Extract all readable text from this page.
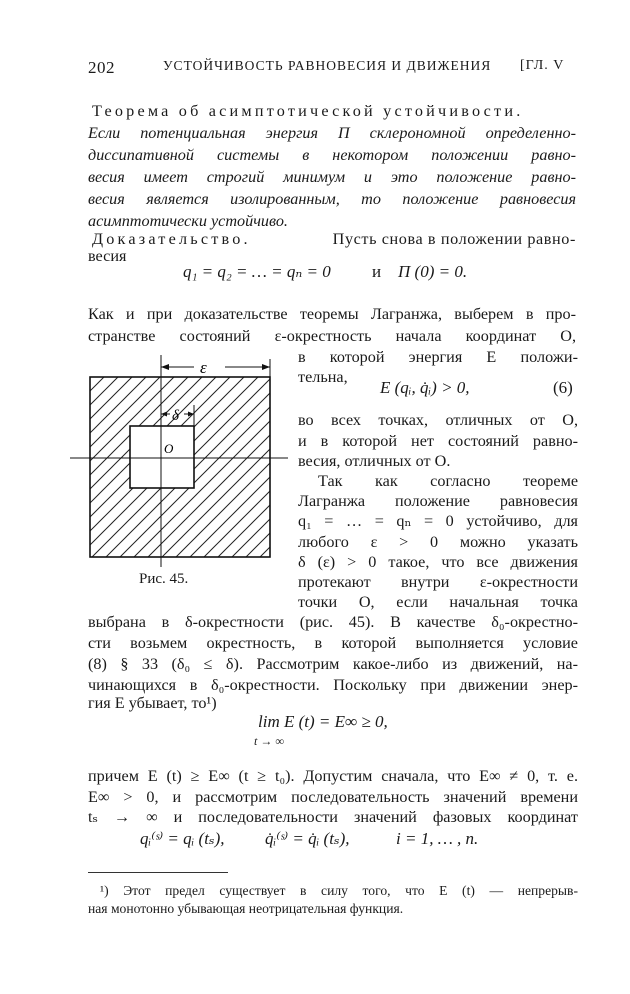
202	УСТОЙЧИВОСТЬ РАВНОВЕСИЯ И ДВИЖЕНИЯ [ГЛ. V
Теорема об асимптотической устойчивости.
Если потенциальная энергия П склерономной определенно-
диссипативной системы в некотором положении равно-
весия имеет строгий минимум и это положение равно-
весия является изолированным, то положение равновесия
асимптотически устойчиво.
Доказательство.	Пусть снова в положении равно-
весия
q₁ = q₂ = … = qₙ = 0 и П (0) = 0.
Как и при доказательстве теоремы Лагранжа, выберем в про-
странстве состояний ε-окрестность начала координат O,
в которой энергия E положи-
тельна,
E (qᵢ, q̇ᵢ) > 0,	(6)
во всех точках, отличных от O,
и в которой нет состояний равно-
весия, отличных от O.
Так как согласно теореме
Лагранжа положение равновесия
q₁ = … = qₙ = 0 устойчиво, для
любого ε > 0 можно указать
δ (ε) > 0 такое, что все движения
протекают внутри ε-окрестности
точки O, если начальная точка
ε
δ
O
Рис. 45.
выбрана в δ-окрестности (рис. 45). В качестве δ₀-окрестно-
сти возьмем окрестность, в которой выполняется условие
(8) § 33 (δ₀ ≤ δ). Рассмотрим какое-либо из движений, на-
чинающихся в δ₀-окрестности. Поскольку при движении энер-
гия E убывает, то¹)
lim E (t) = E∞ ≥ 0,
t → ∞
причем E (t) ≥ E∞ (t ≥ t₀). Допустим сначала, что E∞ ≠ 0, т. е.
E∞ > 0, и рассмотрим последовательность значений времени
tₛ → ∞ и последовательности значений фазовых координат
qᵢ⁽ˢ⁾ = qᵢ (tₛ), q̇ᵢ⁽ˢ⁾ = q̇ᵢ (tₛ),	i = 1, … , n.
¹) Этот предел существует в силу того, что E (t) — непрерыв-
ная монотонно убывающая неотрицательная функция.
